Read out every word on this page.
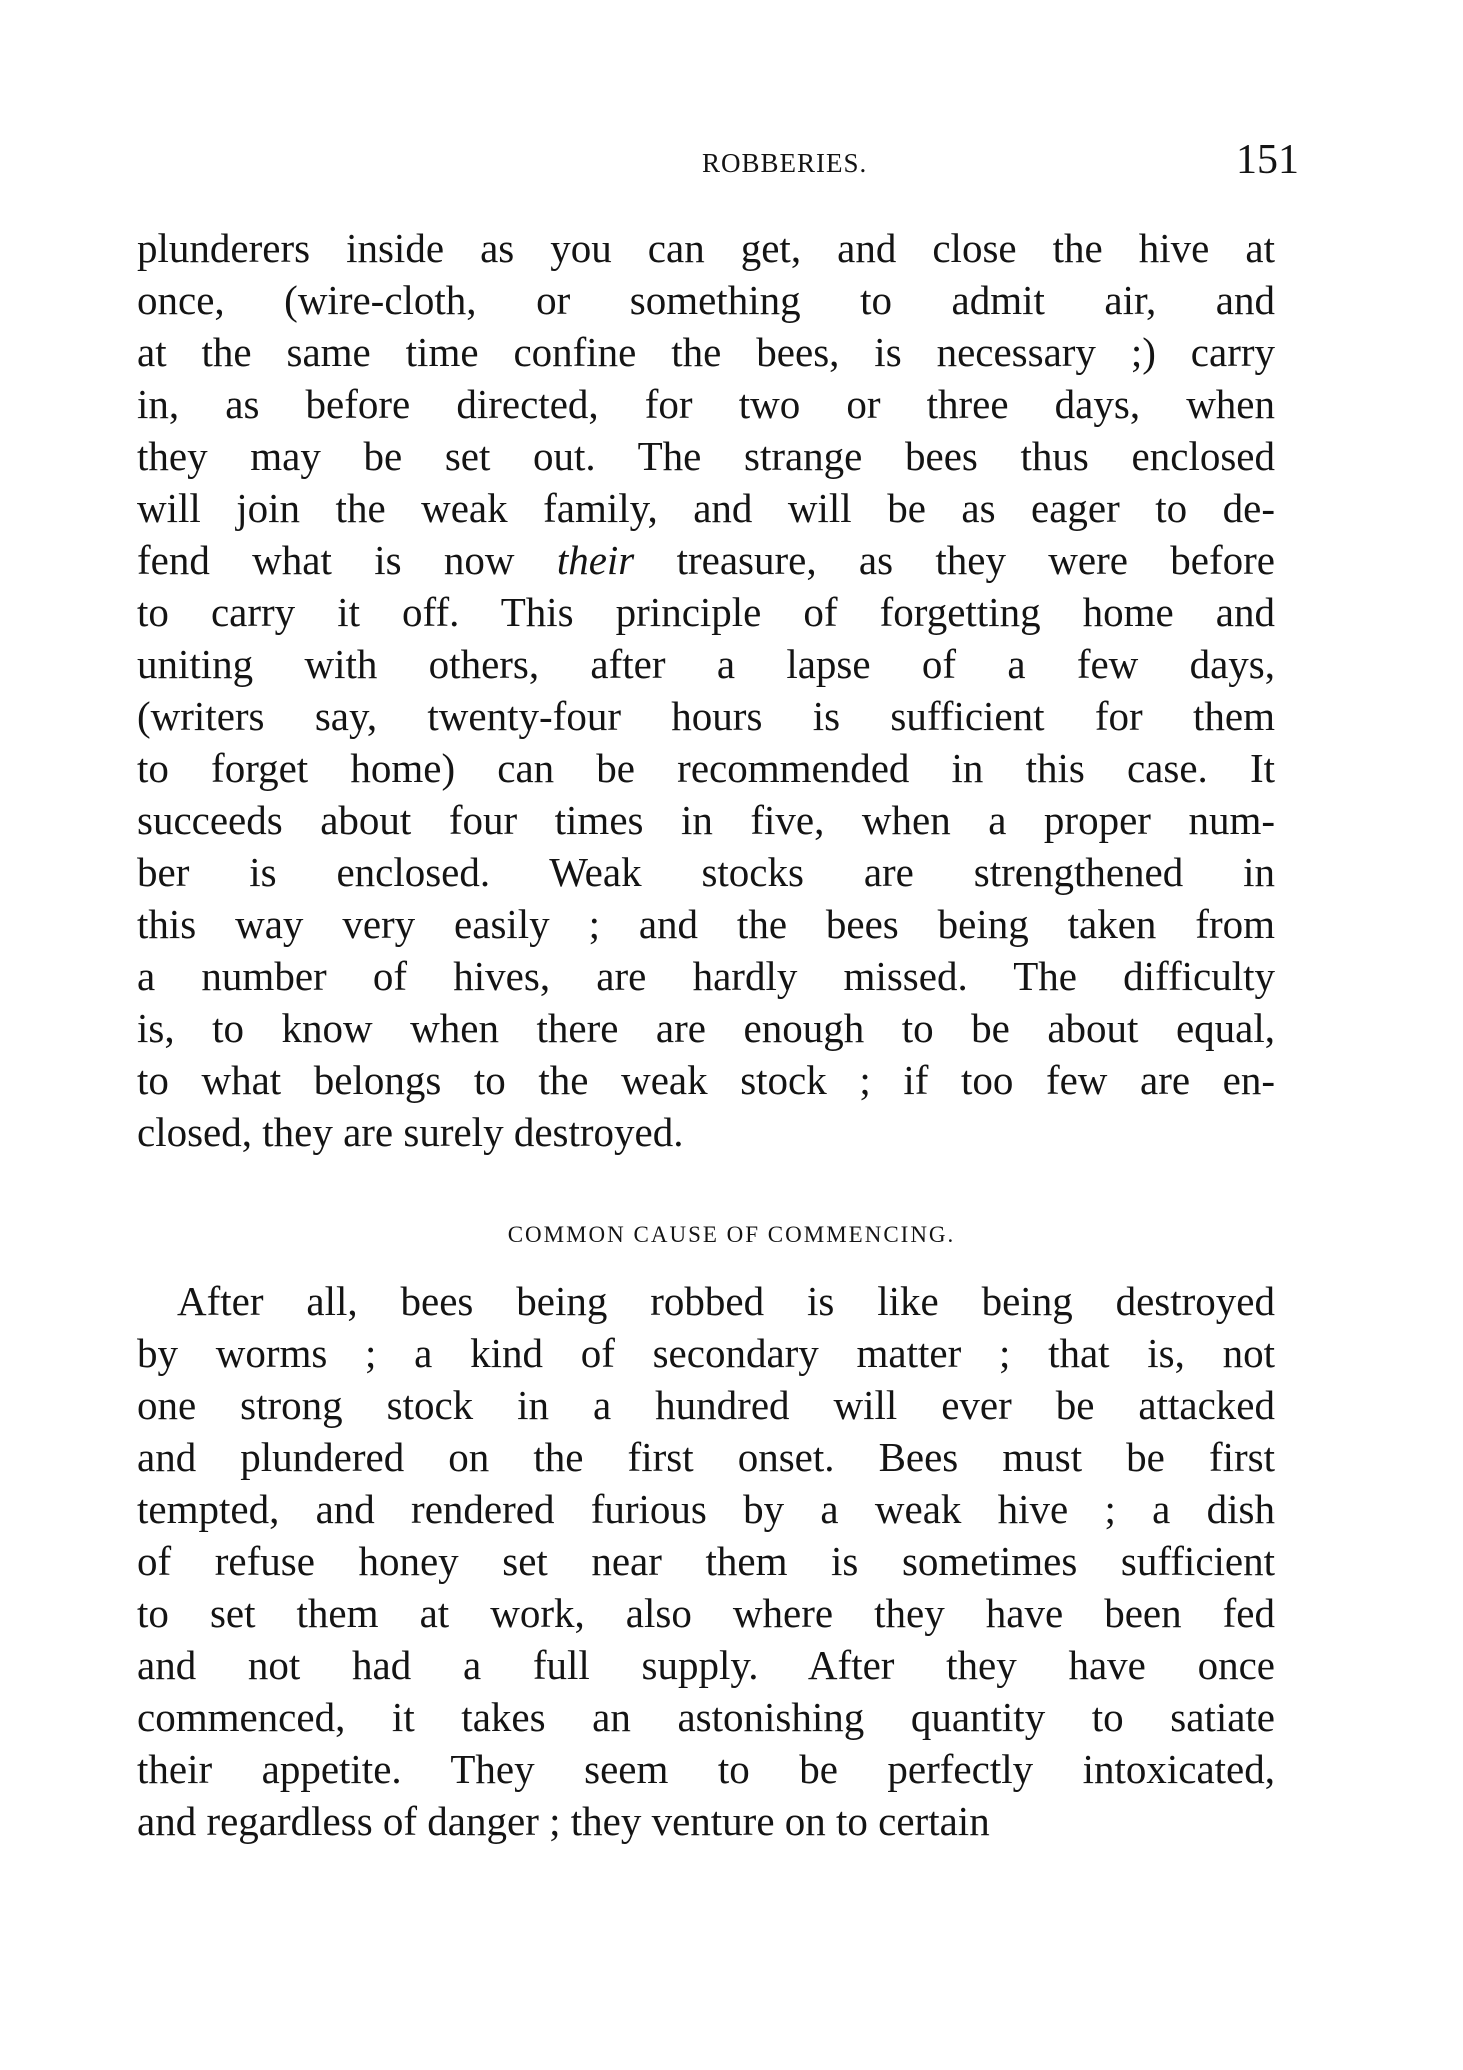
ROBBERIES.	151
plunderers inside as you can get, and close the hive at
once, (wire-cloth, or something to admit air, and
at the same time confine the bees, is necessary ;) carry
in, as before directed, for two or three days, when
they may be set out. The strange bees thus enclosed
will join the weak family, and will be as eager to de-
fend what is now their treasure, as they were before
to carry it off. This principle of forgetting home and
uniting with others, after a lapse of a few days,
(writers say, twenty-four hours is sufficient for them
to forget home) can be recommended in this case. It
succeeds about four times in five, when a proper num-
ber is enclosed. Weak stocks are strengthened in
this way very easily ; and the bees being taken from
a number of hives, are hardly missed. The difficulty
is, to know when there are enough to be about equal,
to what belongs to the weak stock ; if too few are en-
closed, they are surely destroyed.
COMMON CAUSE OF COMMENCING.
After all, bees being robbed is like being destroyed
by worms ; a kind of secondary matter ; that is, not
one strong stock in a hundred will ever be attacked
and plundered on the first onset. Bees must be first
tempted, and rendered furious by a weak hive ; a dish
of refuse honey set near them is sometimes sufficient
to set them at work, also where they have been fed
and not had a full supply. After they have once
commenced, it takes an astonishing quantity to satiate
their appetite. They seem to be perfectly intoxicated,
and regardless of danger ; they venture on to certain
